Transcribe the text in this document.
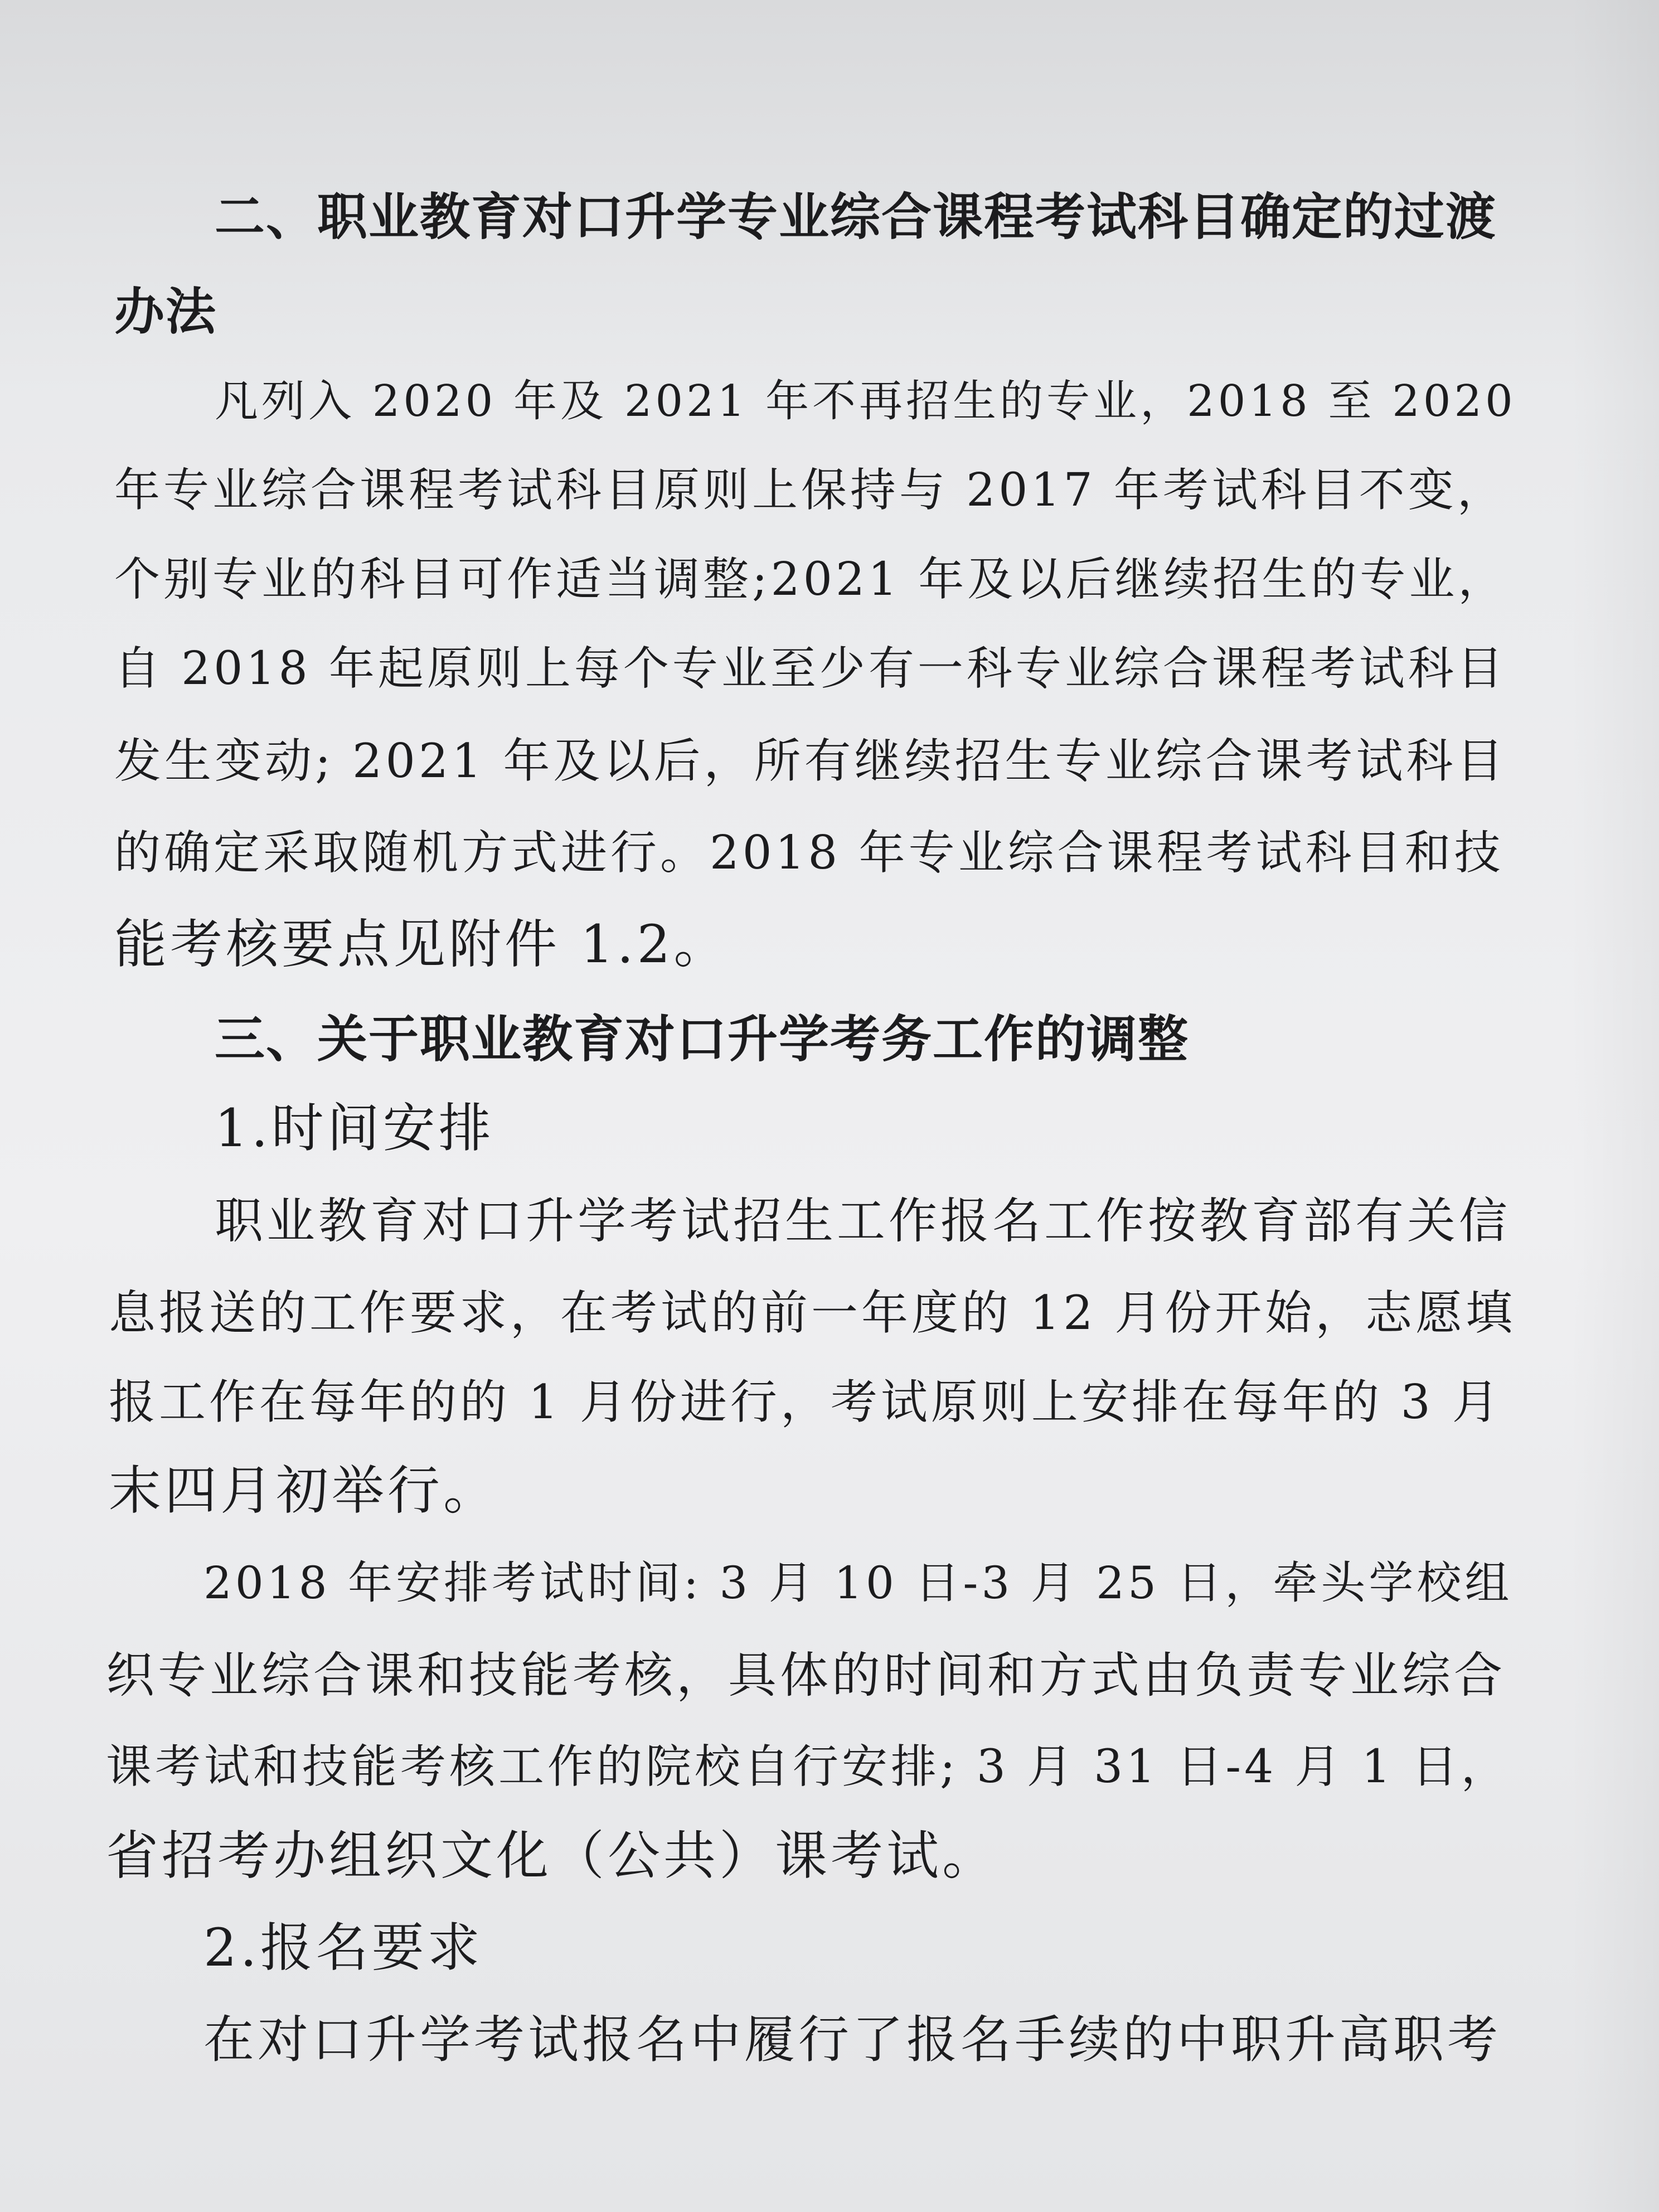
二、职业教育对口升学专业综合课程考试科目确定的过渡
办法
凡列入 2020 年及 2021 年不再招生的专业，2018 至 2020
年专业综合课程考试科目原则上保持与 2017 年考试科目不变，
个别专业的科目可作适当调整;2021 年及以后继续招生的专业，
自 2018 年起原则上每个专业至少有一科专业综合课程考试科目
发生变动; 2021 年及以后，所有继续招生专业综合课考试科目
的确定采取随机方式进行。2018 年专业综合课程考试科目和技
能考核要点见附件 1.2。
三、关于职业教育对口升学考务工作的调整
1.时间安排
职业教育对口升学考试招生工作报名工作按教育部有关信
息报送的工作要求，在考试的前一年度的 12 月份开始，志愿填
报工作在每年的的 1 月份进行，考试原则上安排在每年的 3 月
末四月初举行。
2018 年安排考试时间: 3 月 10 日-3 月 25 日，牵头学校组
织专业综合课和技能考核，具体的时间和方式由负责专业综合
课考试和技能考核工作的院校自行安排; 3 月 31 日-4 月 1 日，
省招考办组织文化（公共）课考试。
2.报名要求
在对口升学考试报名中履行了报名手续的中职升高职考
